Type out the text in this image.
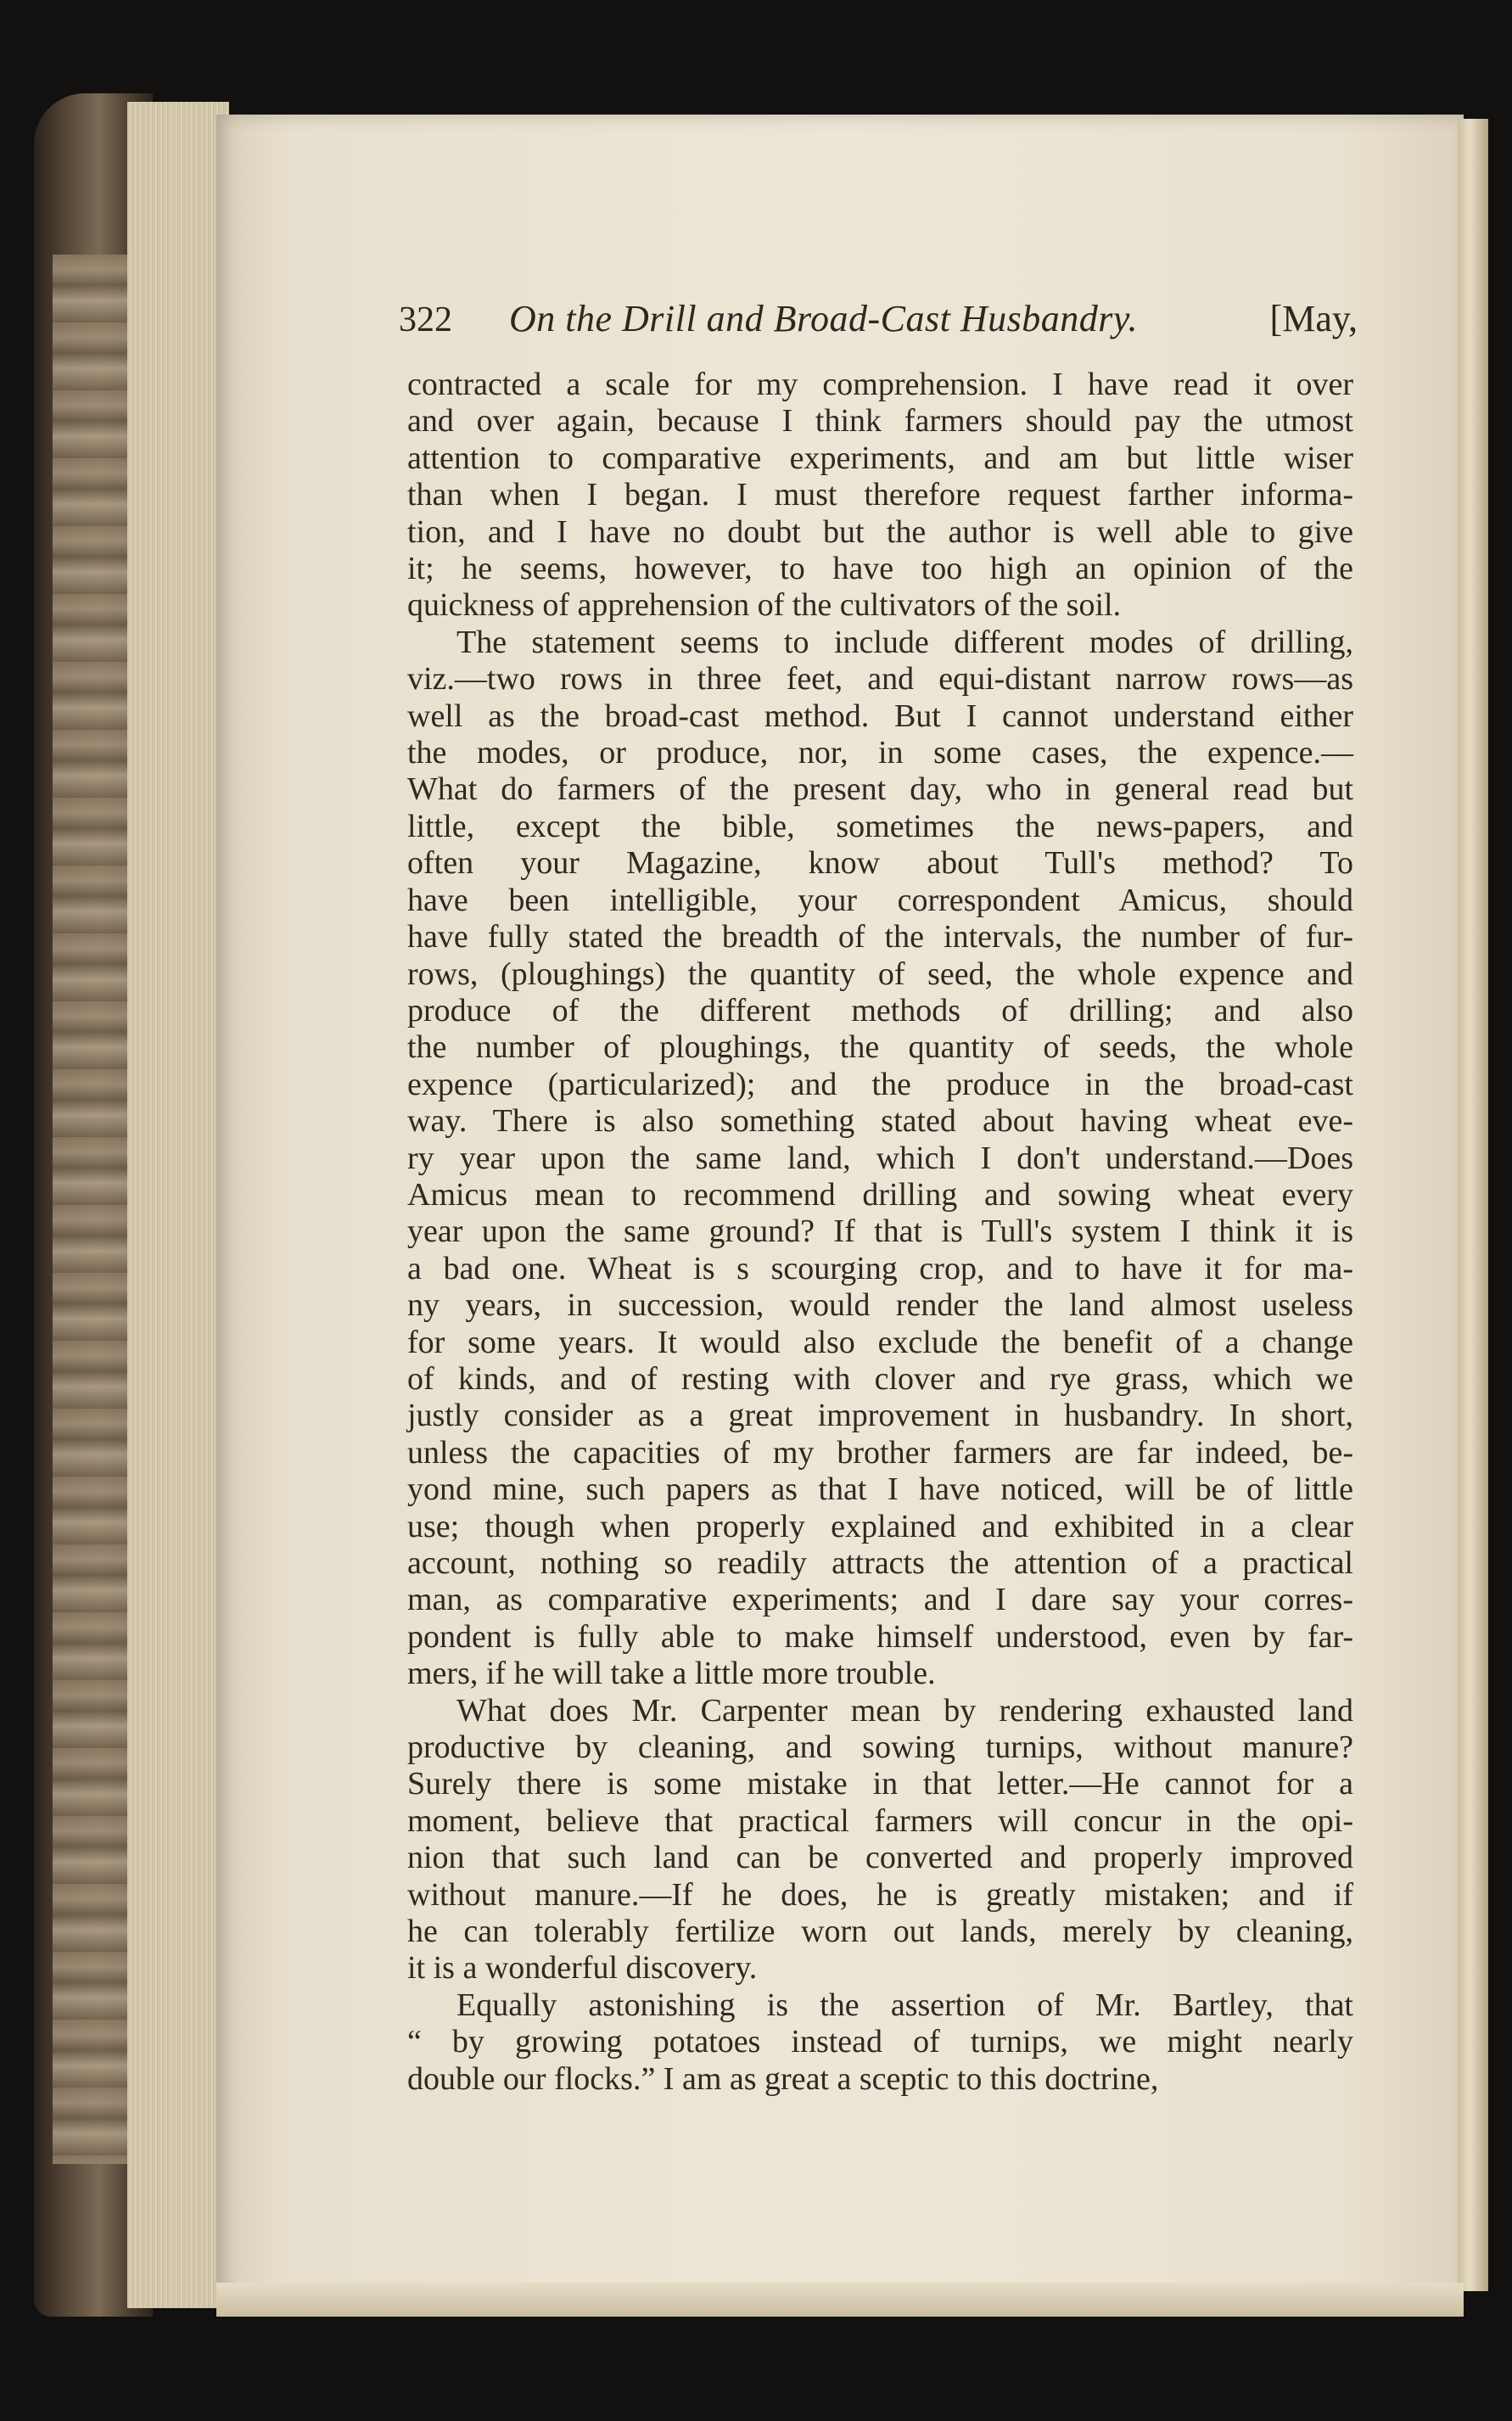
322	On the Drill and Broad-Cast Husbandry.	[May,
contracted a scale for my comprehension. I have read it over
and over again, because I think farmers should pay the utmost
attention to comparative experiments, and am but little wiser
than when I began. I must therefore request farther informa-
tion, and I have no doubt but the author is well able to give
it; he seems, however, to have too high an opinion of the
quickness of apprehension of the cultivators of the soil.
The statement seems to include different modes of drilling,
viz.—two rows in three feet, and equi-distant narrow rows—as
well as the broad-cast method. But I cannot understand either
the modes, or produce, nor, in some cases, the expence.—
What do farmers of the present day, who in general read but
little, except the bible, sometimes the news-papers, and
often your Magazine, know about Tull's method? To
have been intelligible, your correspondent Amicus, should
have fully stated the breadth of the intervals, the number of fur-
rows, (ploughings) the quantity of seed, the whole expence and
produce of the different methods of drilling; and also
the number of ploughings, the quantity of seeds, the whole
expence (particularized); and the produce in the broad-cast
way. There is also something stated about having wheat eve-
ry year upon the same land, which I don't understand.—Does
Amicus mean to recommend drilling and sowing wheat every
year upon the same ground? If that is Tull's system I think it is
a bad one. Wheat is s scourging crop, and to have it for ma-
ny years, in succession, would render the land almost useless
for some years. It would also exclude the benefit of a change
of kinds, and of resting with clover and rye grass, which we
justly consider as a great improvement in husbandry. In short,
unless the capacities of my brother farmers are far indeed, be-
yond mine, such papers as that I have noticed, will be of little
use; though when properly explained and exhibited in a clear
account, nothing so readily attracts the attention of a practical
man, as comparative experiments; and I dare say your corres-
pondent is fully able to make himself understood, even by far-
mers, if he will take a little more trouble.
What does Mr. Carpenter mean by rendering exhausted land
productive by cleaning, and sowing turnips, without manure?
Surely there is some mistake in that letter.—He cannot for a
moment, believe that practical farmers will concur in the opi-
nion that such land can be converted and properly improved
without manure.—If he does, he is greatly mistaken; and if
he can tolerably fertilize worn out lands, merely by cleaning,
it is a wonderful discovery.
Equally astonishing is the assertion of Mr. Bartley, that
“ by growing potatoes instead of turnips, we might nearly
double our flocks.” I am as great a sceptic to this doctrine,
